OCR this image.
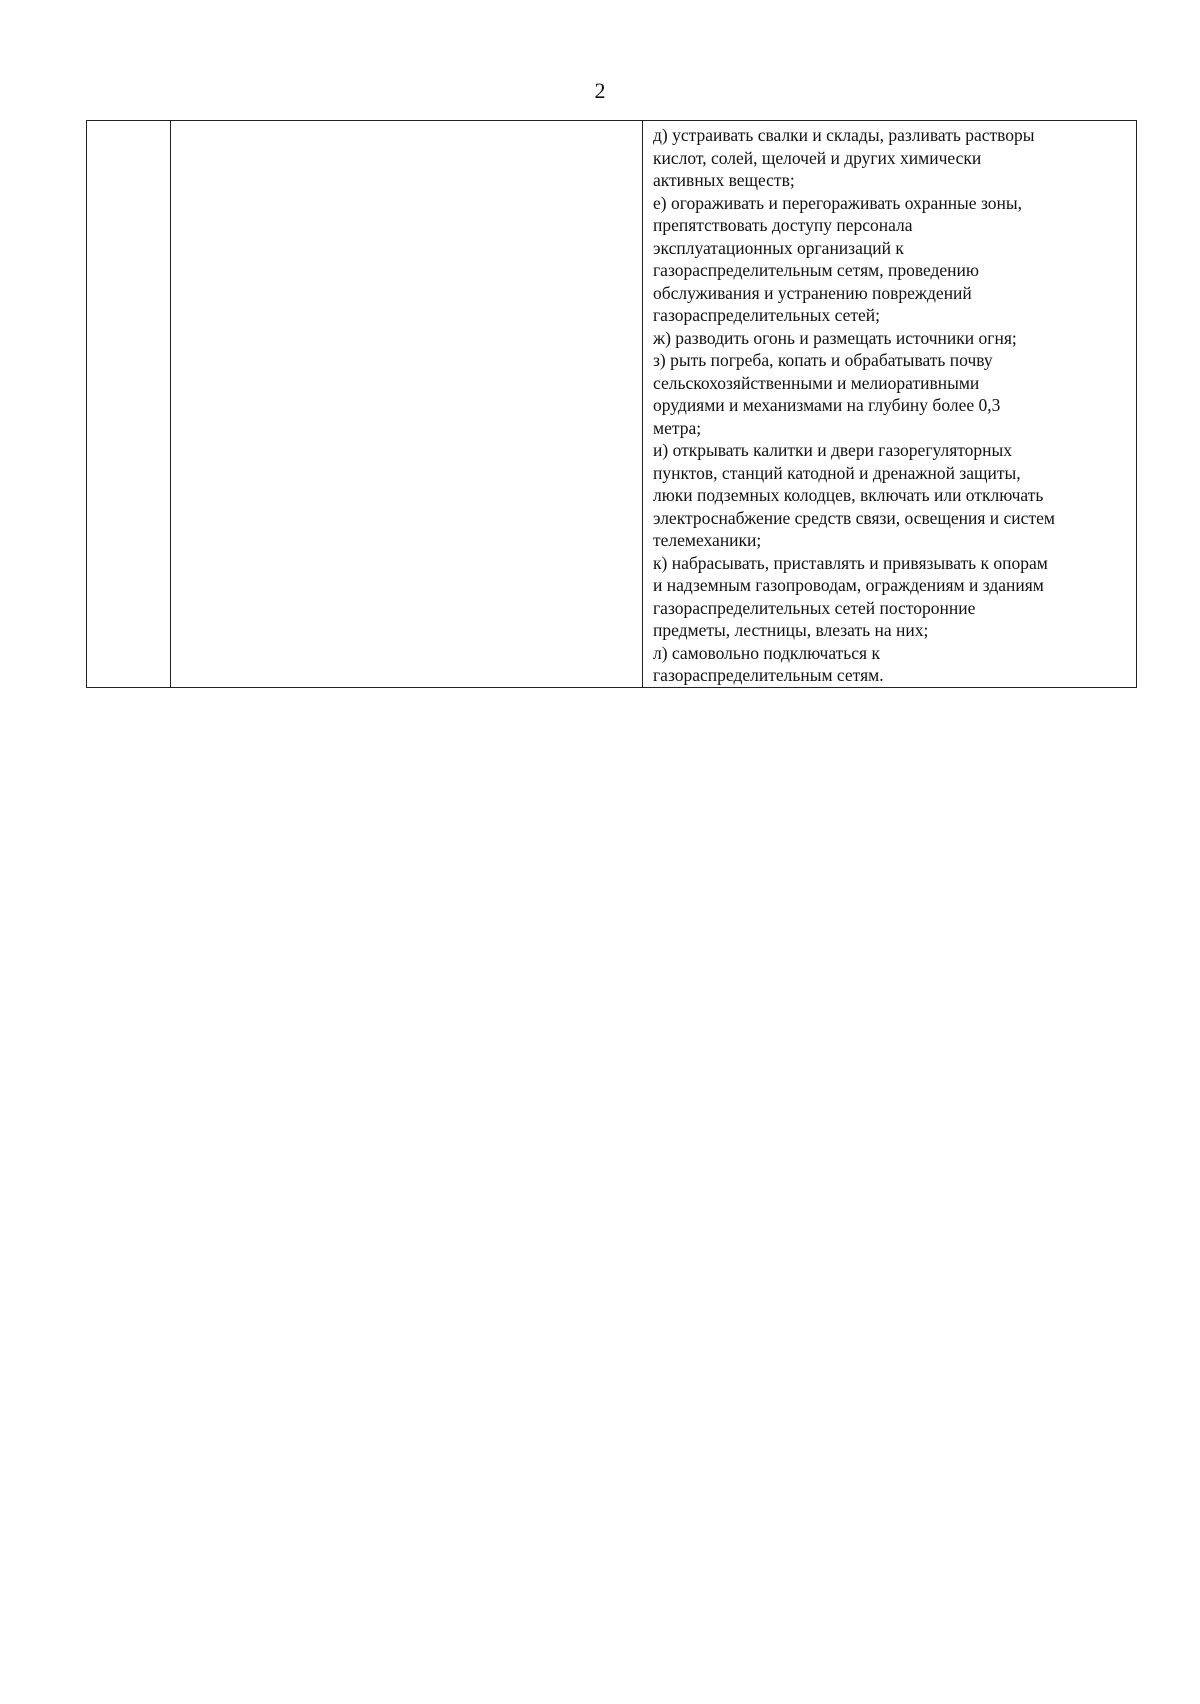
2

д) устраивать свалки и склады, разливать растворы
кислот, солей, щелочей и других химически
активных веществ;
е) огораживать и перегораживать охранные зоны,
препятствовать доступу персонала
эксплуатационных организаций к
газораспределительным сетям, проведению
обслуживания и устранению повреждений
газораспределительных сетей;
ж) разводить огонь и размещать источники огня;
з) рыть погреба, копать и обрабатывать почву
сельскохозяйственными и мелиоративными
орудиями и механизмами на глубину более 0,3
метра;
и) открывать калитки и двери газорегуляторных
пунктов, станций катодной и дренажной защиты,
люки подземных колодцев, включать или отключать
электроснабжение средств связи, освещения и систем
телемеханики;
к) набрасывать, приставлять и привязывать к опорам
и надземным газопроводам, ограждениям и зданиям
газораспределительных сетей посторонние
предметы, лестницы, влезать на них;
л) самовольно подключаться к
газораспределительным сетям.
